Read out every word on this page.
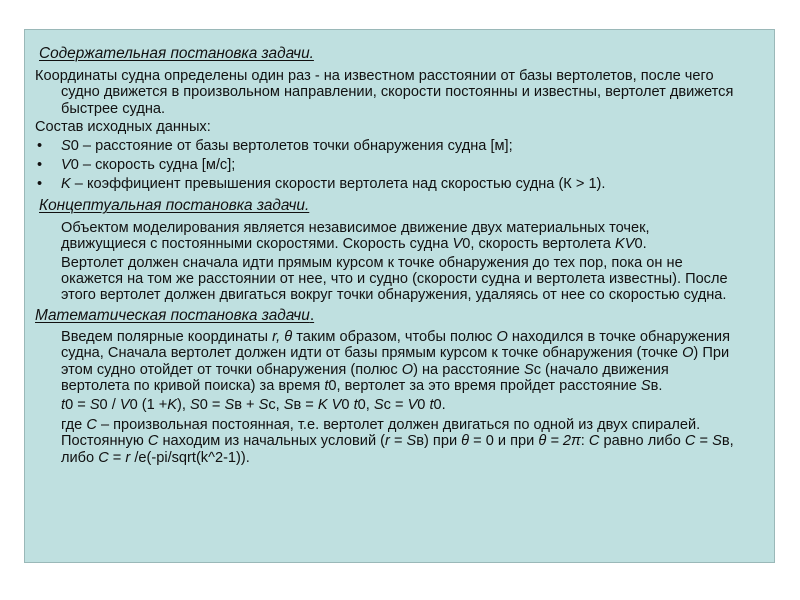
Содержательная постановка задачи.

Координаты судна определены один раз - на известном расстоянии от базы вертолетов, после чего судно движется в произвольном направлении, скорости постоянны и известны, вертолет движется быстрее судна.

Состав исходных данных:

• S0 – расстояние от базы вертолетов точки обнаружения судна [м];
• V0 – скорость судна [м/с];
• K – коэффициент превышения скорости вертолета над скоростью судна (К > 1).
Концептуальная постановка задачи.

Объектом моделирования является независимое движение двух материальных точек, движущиеся с постоянными скоростями. Скорость судна V0, скорость вертолета KV0.

Вертолет должен сначала идти прямым курсом к точке обнаружения до тех пор, пока он не окажется на том же расстоянии от нее, что и судно (скорости судна и вертолета известны). После этого вертолет должен двигаться вокруг точки обнаружения, удаляясь от нее со скоростью судна.

Математическая постановка задачи.

Введем полярные координаты r, θ таким образом, чтобы полюс О находился в точке обнаружения судна, Сначала вертолет должен идти от базы прямым курсом к точке обнаружения (точке О) При этом судно отойдет от точки обнаружения (полюс О) на расстояние Sс (начало движения вертолета по кривой поиска) за время t0, вертолет за это время пройдет расстояние Sв.

t0 = S0 / V0 (1 +K), S0 = Sв + Sс, Sв = K V0 t0, Sс = V0 t0.

где С – произвольная постоянная, т.е. вертолет должен двигаться по одной из двух спиралей. Постоянную С находим из начальных условий (r = Sв) при θ = 0 и при θ = 2π: С равно либо С = Sв, либо С = r /е(-pi/sqrt(k^2-1)).
